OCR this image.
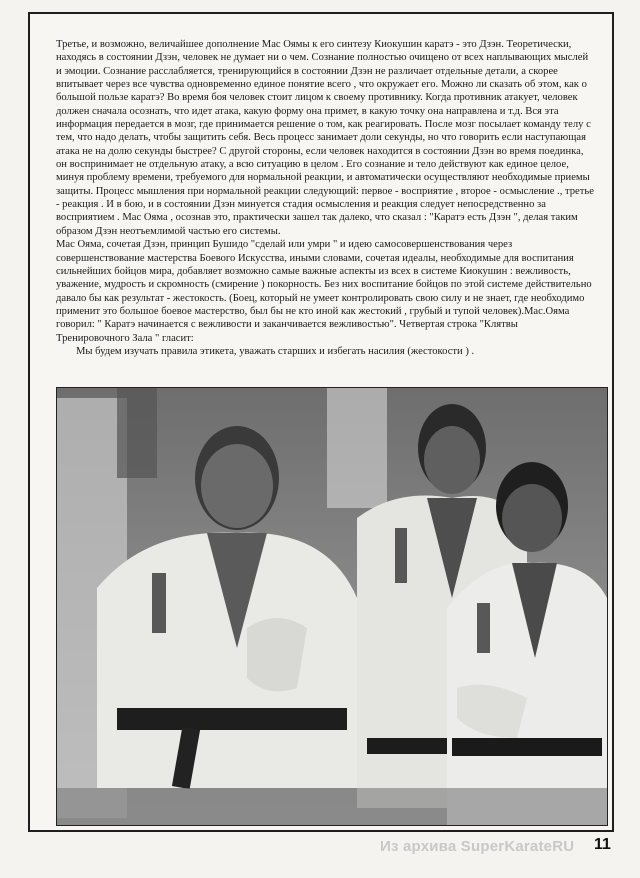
Третье, и возможно, величайшее дополнение Мас Оямы к его синтезу Киокушин каратэ - это Дзэн. Теоретически, находясь в состоянии Дзэн, человек не думает ни о чем. Сознание полностью очищено от всех наплывающих мыслей и эмоции. Сознание расслабляется, тренирующийся в состоянии Дзэн не различает отдельные детали, а скорее впитывает через все чувства одновременно единое понятие всего , что окружает его. Можно ли сказать об этом, как о большой пользе каратэ? Во время боя человек стоит лицом к своему противнику. Когда противник атакует, человек должен сначала осознать, что идет атака, какую форму она примет, в какую точку она направлена и т.д. Вся эта информация передается в мозг, где принимается решение о том, как реагировать. После мозг посылает команду телу с тем, что надо делать, чтобы защитить себя. Весь процесс занимает доли секунды, но что говорить если наступающая атака не на долю секунды быстрее? С другой стороны, если человек находится в состоянии Дзэн во время поединка, он воспринимает не отдельную атаку, а всю ситуацию в целом . Его сознание и тело действуют как единое целое, минуя проблему времени, требуемого для нормальной реакции, и автоматически осуществляют необходимые приемы защиты. Процесс мышления при нормальной реакции следующий: первое - восприятие , второе - осмысление ., третье - реакция . И в бою, и в состоянии Дзэн минуется стадия осмысления и реакция следует непосредственно за восприятием . Мас Ояма , осознав это, практически зашел так далеко, что сказал : "Каратэ есть Дзэн ", делая таким образом Дзэн неотъемлимой частью его системы.

Мас Ояма, сочетая Дзэн, принцип Бушидо "сделай или умри " и идею самосовершенствования через совершенствование мастерства Боевого Искусства, иными словами, сочетая идеалы, необходимые для воспитания сильнейших бойцов мира, добавляет возможно самые важные аспекты из всех в системе Киокушин : вежливость, уважение, мудрость и скромность (смирение ) покорность. Без них воспитание бойцов по этой системе действительно давало бы как результат - жестокость. (Боец, который не умеет контролировать свою силу и не знает, где необходимо применит это большое боевое мастерство, был бы не кто иной как жестокий , грубый и тупой человек).Мас.Ояма говорил: " Каратэ начинается с вежливости и заканчивается вежливостью". Четвертая строка "Клятвы Тренировочного Зала " гласит:

Мы будем изучать правила этикета, уважать старших и избегать насилия (жестокости ) .

Из архива SuperKarateRU 11
